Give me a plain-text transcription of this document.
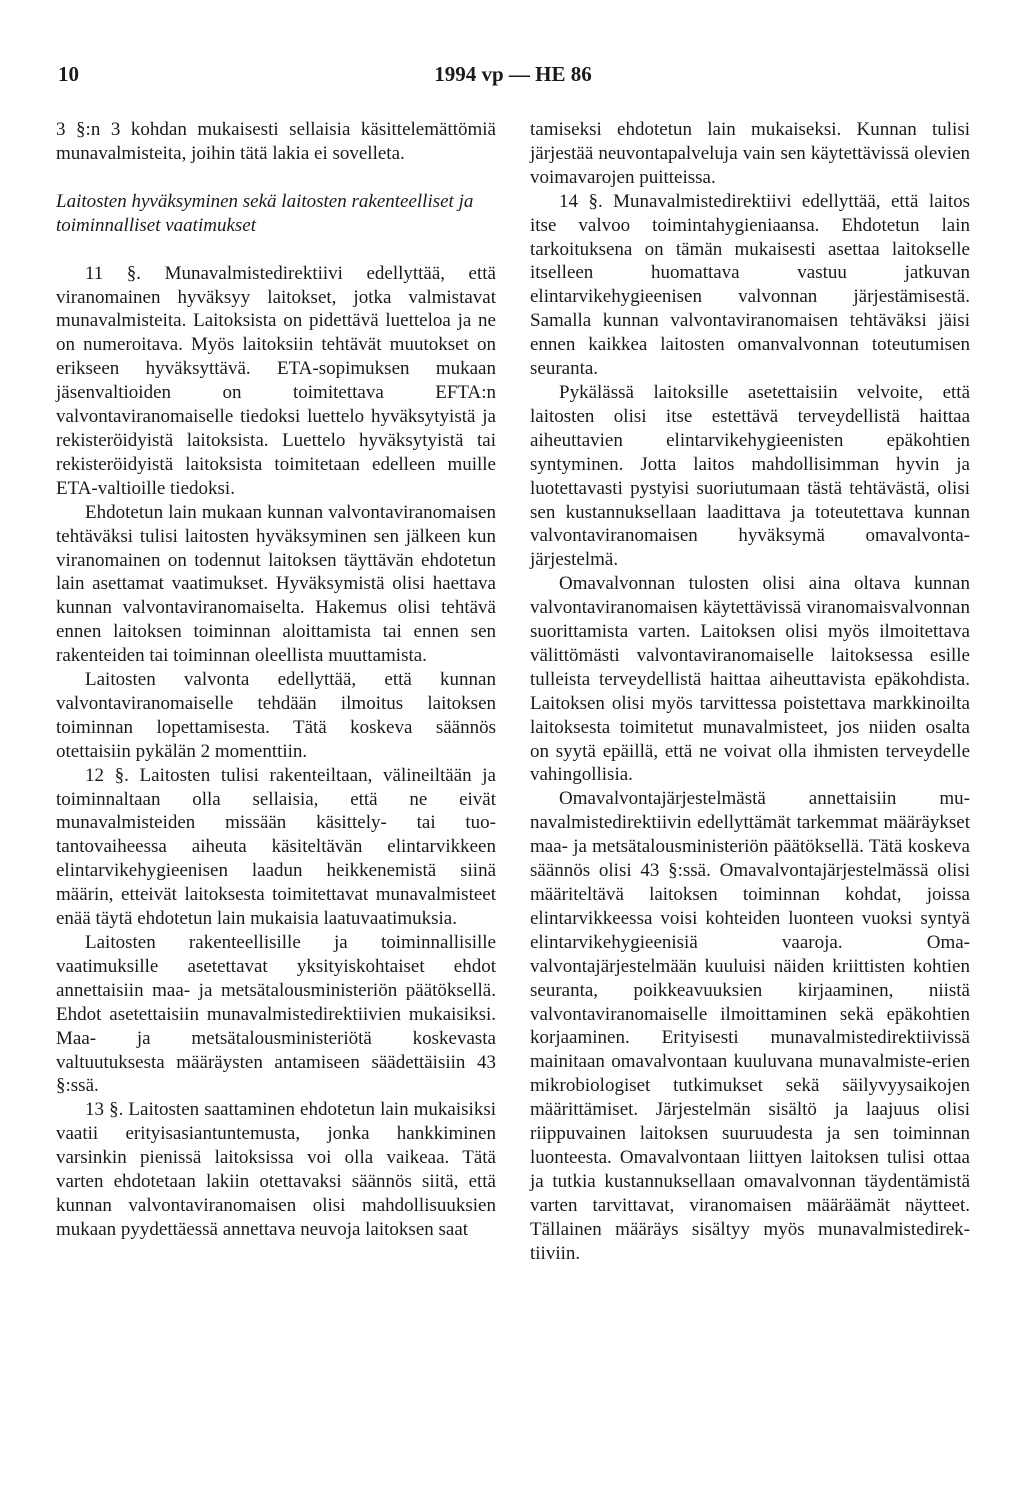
10	1994 vp — HE 86

3 §:n 3 kohdan mukaisesti sellaisia käsittelemättömiä munavalmisteita, joihin tätä lakia ei sovelleta.

Laitosten hyväksyminen sekä laitosten rakenteelliset ja toiminnalliset vaatimukset

11 §. Munavalmistedirektiivi edellyttää, että viranomainen hyväksyy laitokset, jotka valmistavat munavalmisteita. Laitoksista on pidettävä luetteloa ja ne on numeroitava. Myös laitoksiin tehtävät muutokset on erikseen hyväksyttävä. ETA-sopimuksen mukaan jäsenvaltioiden on toimitettava EFTA:n valvontaviranomaiselle tiedoksi luettelo hyväksytyistä ja rekisteröidyistä laitoksista. Luettelo hyväksytyistä tai rekisteröidyistä laitoksista toimitetaan edelleen muille ETA-valtioille tiedoksi.

Ehdotetun lain mukaan kunnan valvontaviranomaisen tehtäväksi tulisi laitosten hyväksyminen sen jälkeen kun viranomainen on todennut laitoksen täyttävän ehdotetun lain asettamat vaatimukset. Hyväksymistä olisi haettava kunnan valvontaviranomaiselta. Hakemus olisi tehtävä ennen laitoksen toiminnan aloittamista tai ennen sen rakenteiden tai toiminnan oleellista muuttamista.

Laitosten valvonta edellyttää, että kunnan valvontaviranomaiselle tehdään ilmoitus laitoksen toiminnan lopettamisesta. Tätä koskeva säännös otettaisiin pykälän 2 momenttiin.

12 §. Laitosten tulisi rakenteiltaan, välineiltään ja toiminnaltaan olla sellaisia, että ne eivät munavalmisteiden missään käsittely- tai tuotantovaiheessa aiheuta käsiteltävän elintarvikkeen elintarvikehygieenisen laadun heikkenemistä siinä määrin, etteivät laitoksesta toimitettavat munavalmisteet enää täytä ehdotetun lain mukaisia laatuvaatimuksia.

Laitosten rakenteellisille ja toiminnallisille vaatimuksille asetettavat yksityiskohtaiset ehdot annettaisiin maa- ja metsätalousministeriön päätöksellä. Ehdot asetettaisiin munavalmistedirektiivien mukaisiksi. Maa- ja metsätalousministeriötä koskevasta valtuutuksesta määräysten antamiseen säädettäisiin 43 §:ssä.

13 §. Laitosten saattaminen ehdotetun lain mukaisiksi vaatii erityisasiantuntemusta, jonka hankkiminen varsinkin pienissä laitoksissa voi olla vaikeaa. Tätä varten ehdotetaan lakiin otettavaksi säännös siitä, että kunnan valvontaviranomaisen olisi mahdollisuuksien mukaan pyydettäessä annettava neuvoja laitoksen saat

tamiseksi ehdotetun lain mukaiseksi. Kunnan tulisi järjestää neuvontapalveluja vain sen käytettävissä olevien voimavarojen puitteissa.

14 §. Munavalmistedirektiivi edellyttää, että laitos itse valvoo toimintahygieniaansa. Ehdotetun lain tarkoituksena on tämän mukaisesti asettaa laitokselle itselleen huomattava vastuu jatkuvan elintarvikehygieenisen valvonnan järjestämisestä. Samalla kunnan valvontaviranomaisen tehtäväksi jäisi ennen kaikkea laitosten omanvalvonnan toteutumisen seuranta.

Pykälässä laitoksille asetettaisiin velvoite, että laitosten olisi itse estettävä terveydellistä haittaa aiheuttavien elintarvikehygieenisten epäkohtien syntyminen. Jotta laitos mahdollisimman hyvin ja luotettavasti pystyisi suoriutumaan tästä tehtävästä, olisi sen kustannuksellaan laadittava ja toteutettava kunnan valvontaviranomaisen hyväksymä omavalvontajärjestelmä.

Omavalvonnan tulosten olisi aina oltava kunnan valvontaviranomaisen käytettävissä viranomaisvalvonnan suorittamista varten. Laitoksen olisi myös ilmoitettava välittömästi valvontaviranomaiselle laitoksessa esille tulleista terveydellistä haittaa aiheuttavista epäkohdista. Laitoksen olisi myös tarvittessa poistettava markkinoilta laitoksesta toimitetut munavalmisteet, jos niiden osalta on syytä epäillä, että ne voivat olla ihmisten terveydelle vahingollisia.

Omavalvontajärjestelmästä annettaisiin munavalmistedirektiivin edellyttämät tarkemmat määräykset maa- ja metsätalousministeriön päätöksellä. Tätä koskeva säännös olisi 43 §:ssä. Omavalvontajärjestelmässä olisi määriteltävä laitoksen toiminnan kohdat, joissa elintarvikkeessa voisi kohteiden luonteen vuoksi syntyä elintarvikehygieenisiä vaaroja. Omavalvontajärjestelmään kuuluisi näiden kriittisten kohtien seuranta, poikkeavuuksien kirjaaminen, niistä valvontaviranomaiselle ilmoittaminen sekä epäkohtien korjaaminen. Erityisesti munavalmistedirektiivissä mainitaan omavalvontaan kuuluvana munavalmiste-erien mikrobiologiset tutkimukset sekä säilyvyysaikojen määrittämiset. Järjestelmän sisältö ja laajuus olisi riippuvainen laitoksen suuruudesta ja sen toiminnan luonteesta. Omavalvontaan liittyen laitoksen tulisi ottaa ja tutkia kustannuksellaan omavalvonnan täydentämistä varten tarvittavat, viranomaisen määräämät näytteet. Tällainen määräys sisältyy myös munavalmistedirektiiviin.
